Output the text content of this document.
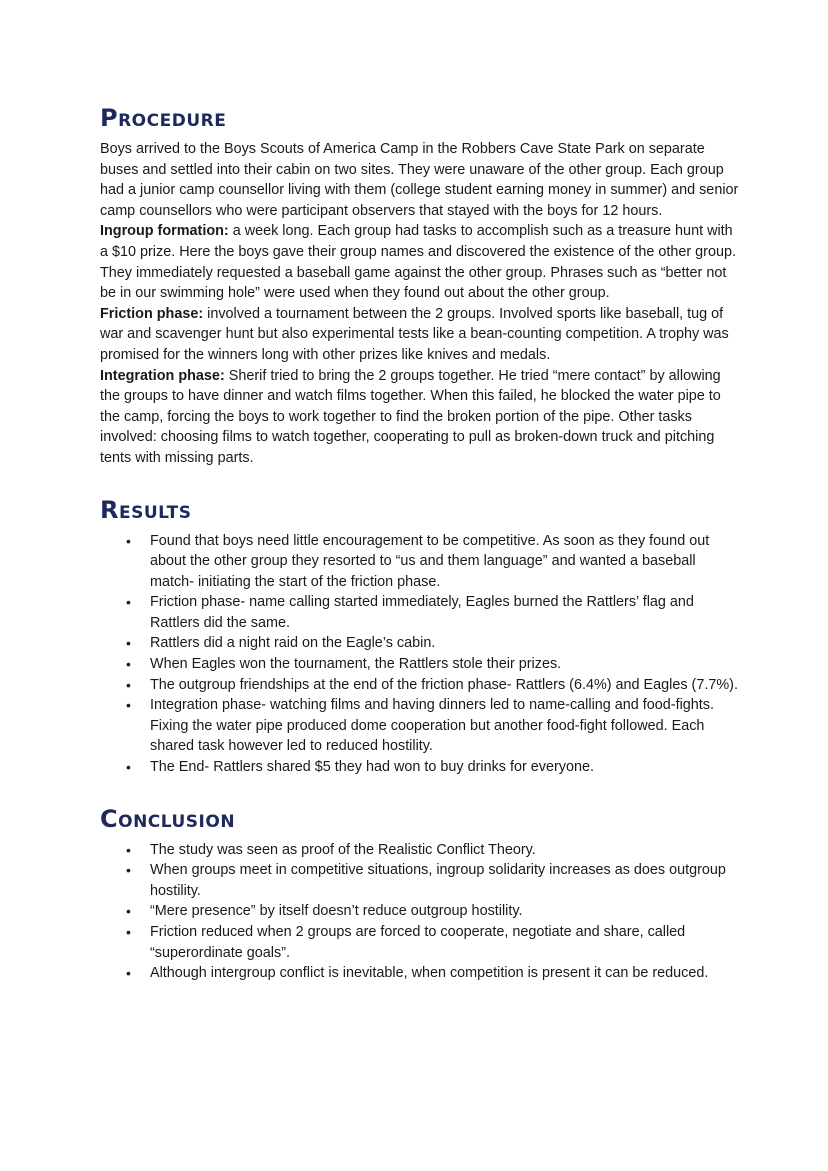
Procedure

Boys arrived to the Boys Scouts of America Camp in the Robbers Cave State Park on separate buses and settled into their cabin on two sites. They were unaware of the other group. Each group had a junior camp counsellor living with them (college student earning money in summer) and senior camp counsellors who were participant observers that stayed with the boys for 12 hours.

Ingroup formation: a week long. Each group had tasks to accomplish such as a treasure hunt with a $10 prize. Here the boys gave their group names and discovered the existence of the other group. They immediately requested a baseball game against the other group. Phrases such as “better not be in our swimming hole” were used when they found out about the other group.

Friction phase: involved a tournament between the 2 groups. Involved sports like baseball, tug of war and scavenger hunt but also experimental tests like a bean-counting competition. A trophy was promised for the winners long with other prizes like knives and medals.

Integration phase: Sherif tried to bring the 2 groups together. He tried “mere contact” by allowing the groups to have dinner and watch films together. When this failed, he blocked the water pipe to the camp, forcing the boys to work together to find the broken portion of the pipe. Other tasks involved: choosing films to watch together, cooperating to pull as broken-down truck and pitching tents with missing parts.

Results
• Found that boys need little encouragement to be competitive. As soon as they found out about the other group they resorted to “us and them language” and wanted a baseball match- initiating the start of the friction phase.
• Friction phase- name calling started immediately, Eagles burned the Rattlers’ flag and Rattlers did the same.
• Rattlers did a night raid on the Eagle’s cabin.
• When Eagles won the tournament, the Rattlers stole their prizes.
• The outgroup friendships at the end of the friction phase- Rattlers (6.4%) and Eagles (7.7%).
• Integration phase- watching films and having dinners led to name-calling and food-fights. Fixing the water pipe produced dome cooperation but another food-fight followed. Each shared task however led to reduced hostility.
• The End- Rattlers shared $5 they had won to buy drinks for everyone.
Conclusion
• The study was seen as proof of the Realistic Conflict Theory.
• When groups meet in competitive situations, ingroup solidarity increases as does outgroup hostility.
• “Mere presence” by itself doesn’t reduce outgroup hostility.
• Friction reduced when 2 groups are forced to cooperate, negotiate and share, called “superordinate goals”.
• Although intergroup conflict is inevitable, when competition is present it can be reduced.
